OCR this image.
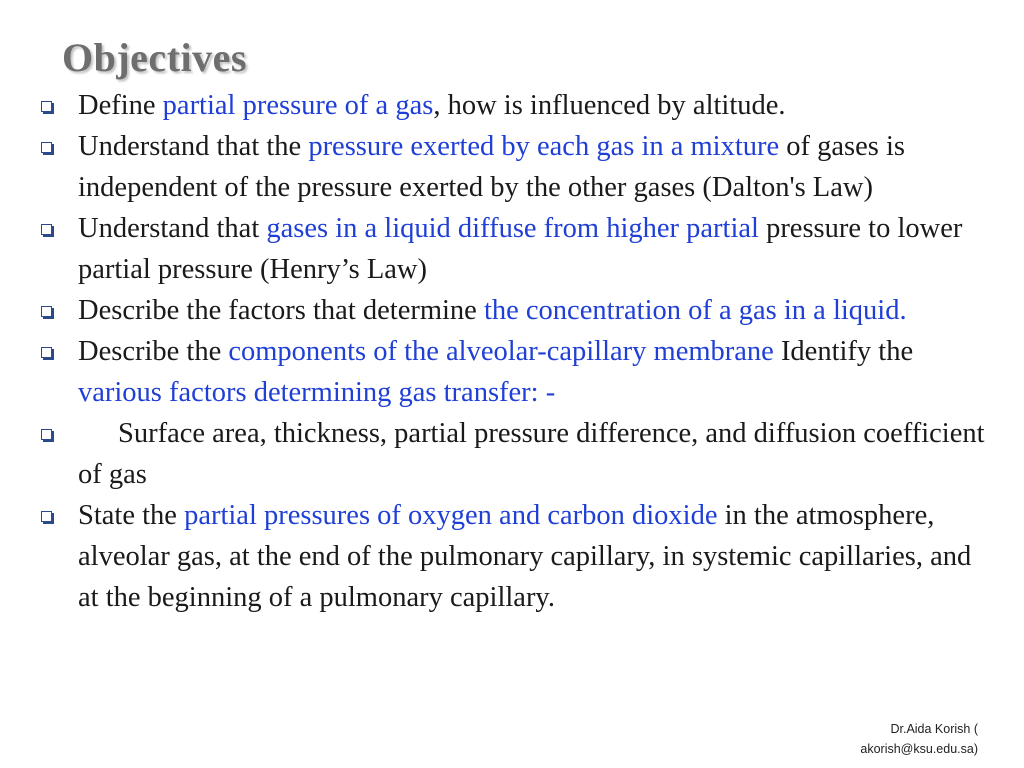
Objectives
Define partial pressure of a gas, how is influenced by altitude.
Understand that the pressure exerted by each gas in a mixture of gases is independent of the pressure exerted by the other gases (Dalton's Law)
Understand that gases in a liquid diffuse from higher partial pressure to lower partial pressure (Henry’s Law)
Describe the factors that determine the concentration of a gas in a liquid.
Describe the components of the alveolar-capillary membrane Identify the various factors determining gas transfer: -
Surface area, thickness, partial pressure difference, and diffusion coefficient of gas
State the partial pressures of oxygen and carbon dioxide in the atmosphere, alveolar gas, at the end of the pulmonary capillary, in systemic capillaries, and at the beginning of a pulmonary capillary.
Dr.Aida Korish (
akorish@ksu.edu.sa)
